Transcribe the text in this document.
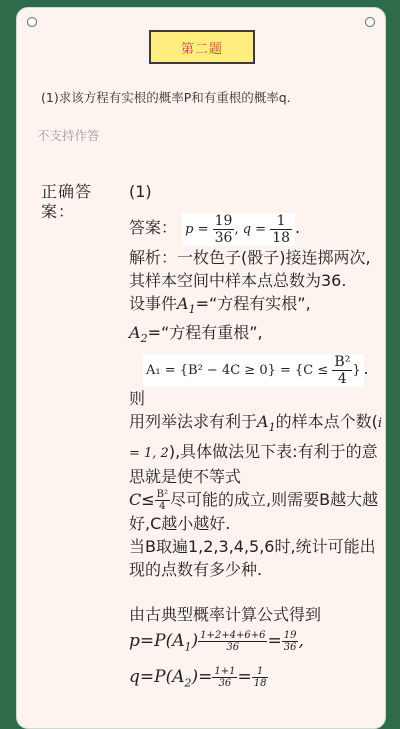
第二题
(1)求该方程有实根的概率P和有重根的概率q.
不支持作答
正确答案：

(1)

答案： $p = \frac{19}{36}$ , $q = \frac{1}{18}$ .

解析：一枚色子(骰子)接连掷两次,其样本空间中样本点总数为36.

设事件$A_1=“$方程有实根”,

$A_2=“$方程有重根”,

$A_1 = \{B^2 - 4C \ge 0\} = \{C \le \frac{\text{B²}}{4}$ } .

则

用列举法求有利于$A_1$的样本点个数(i = 1, 2),具体做法见下表:有利于的意思就是使不等式

$C\le \frac{\text{B²}}{4}$ 尽可能的成立,则需要B越大越好,C越小越好.

当B取遍1,2,3,4,5,6时,统计可能出现的点数有多少种.

由古典型概率计算公式得到

$p=P(A_1) \frac{1+2+4+6+6}{36} = \frac{19}{36}$ ,

$q=P(A_2)= \frac{1+1}{36} = \frac{1}{18}$
